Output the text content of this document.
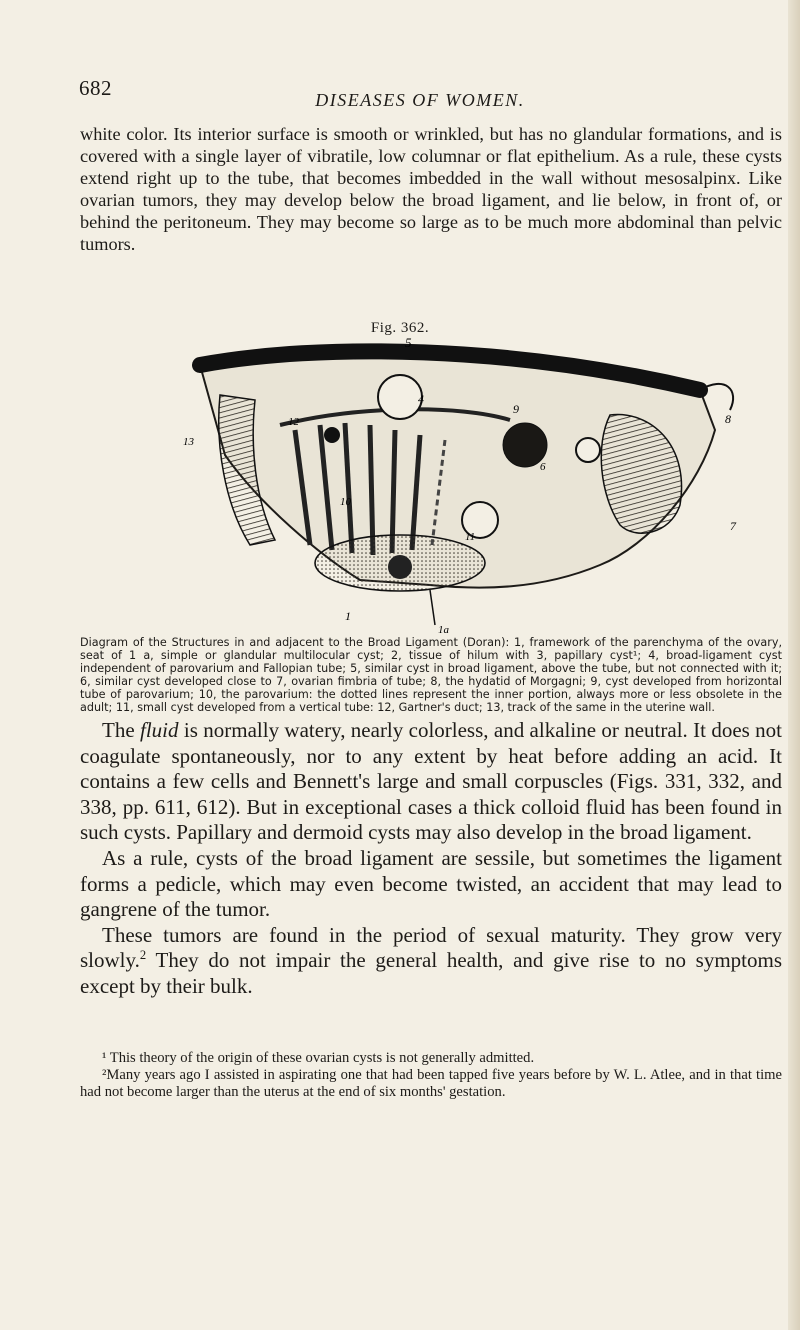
682	DISEASES OF WOMEN.

white color. Its interior surface is smooth or wrinkled, but has no glandular formations, and is covered with a single layer of vibratile, low columnar or flat epithelium. As a rule, these cysts extend right up to the tube, that becomes imbedded in the wall without mesosalpinx. Like ovarian tumors, they may develop below the broad ligament, and lie below, in front of, or behind the peritoneum. They may become so large as to be much more abdominal than pelvic tumors.

Fig. 362.
5
4
9
8
12
13
6
10
11
7
1
1a

Diagram of the Structures in and adjacent to the Broad Ligament (Doran): 1, framework of the parenchyma of the ovary, seat of 1 a, simple or glandular multilocular cyst; 2, tissue of hilum with 3, papillary cyst¹; 4, broad-ligament cyst independent of parovarium and Fallopian tube; 5, similar cyst in broad ligament, above the tube, but not connected with it; 6, similar cyst developed close to 7, ovarian fimbria of tube; 8, the hydatid of Morgagni; 9, cyst developed from horizontal tube of parovarium; 10, the parovarium: the dotted lines represent the inner portion, always more or less obsolete in the adult; 11, small cyst developed from a vertical tube: 12, Gartner's duct; 13, track of the same in the uterine wall.

The fluid is normally watery, nearly colorless, and alkaline or neutral. It does not coagulate spontaneously, nor to any extent by heat before adding an acid. It contains a few cells and Bennett's large and small corpuscles (Figs. 331, 332, and 338, pp. 611, 612). But in exceptional cases a thick colloid fluid has been found in such cysts. Papillary and dermoid cysts may also develop in the broad ligament.

As a rule, cysts of the broad ligament are sessile, but sometimes the ligament forms a pedicle, which may even become twisted, an accident that may lead to gangrene of the tumor.

These tumors are found in the period of sexual maturity. They grow very slowly.$^2$ They do not impair the general health, and give rise to no symptoms except by their bulk.

¹ This theory of the origin of these ovarian cysts is not generally admitted.

²Many years ago I assisted in aspirating one that had been tapped five years before by W. L. Atlee, and in that time had not become larger than the uterus at the end of six months' gestation.
